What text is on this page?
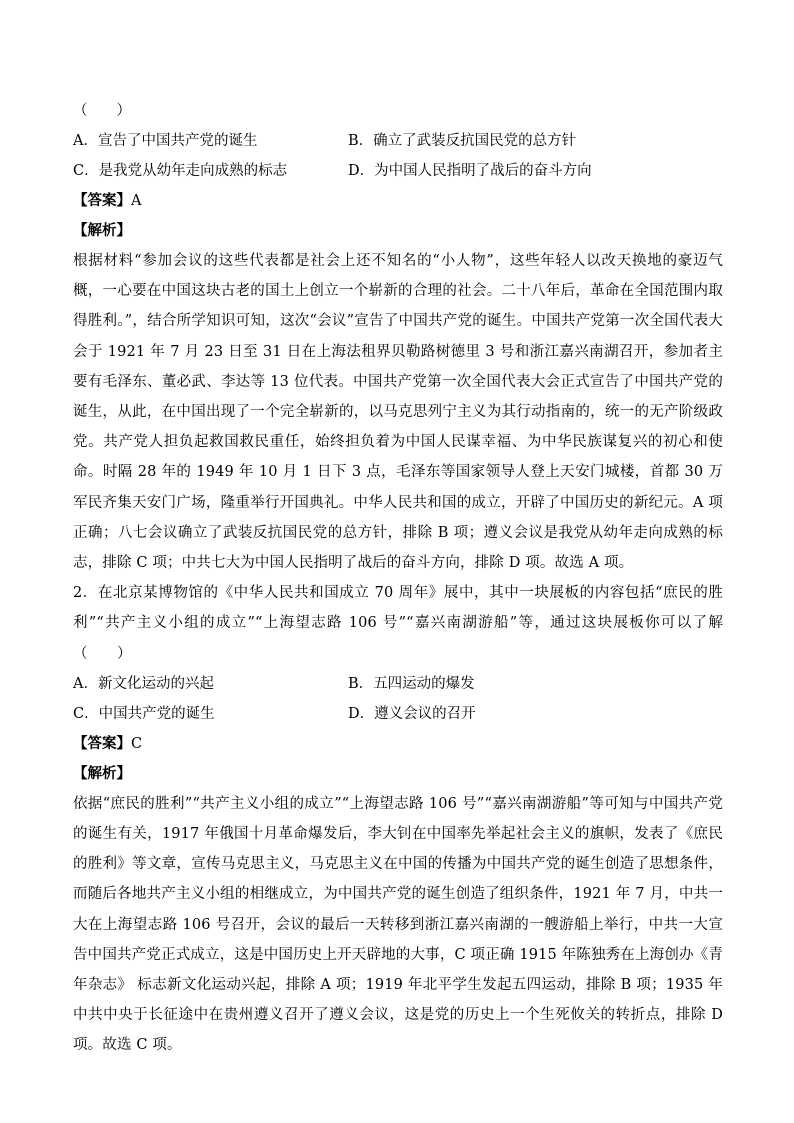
（　　）
A．宣告了中国共产党的诞生	B．确立了武装反抗国民党的总方针
C．是我党从幼年走向成熟的标志	D．为中国人民指明了战后的奋斗方向
【答案】A
【解析】
根据材料“参加会议的这些代表都是社会上还不知名的“小人物”，这些年轻人以改天换地的豪迈气概，一心要在中国这块古老的国土上创立一个崭新的合理的社会。二十八年后，革命在全国范围内取得胜利。”，结合所学知识可知，这次“会议”宣告了中国共产党的诞生。中国共产党第一次全国代表大会于 1921 年 7 月 23 日至 31 日在上海法租界贝勒路树德里 3 号和浙江嘉兴南湖召开，参加者主要有毛泽东、董必武、李达等 13 位代表。中国共产党第一次全国代表大会正式宣告了中国共产党的诞生，从此，在中国出现了一个完全崭新的，以马克思列宁主义为其行动指南的，统一的无产阶级政党。共产党人担负起救国救民重任，始终担负着为中国人民谋幸福、为中华民族谋复兴的初心和使命。时隔 28 年的 1949 年 10 月 1 日下 3 点，毛泽东等国家领导人登上天安门城楼，首都 30 万军民齐集天安门广场，隆重举行开国典礼。中华人民共和国的成立，开辟了中国历史的新纪元。A 项正确；八七会议确立了武装反抗国民党的总方针，排除 B 项；遵义会议是我党从幼年走向成熟的标志，排除 C 项；中共七大为中国人民指明了战后的奋斗方向，排除 D 项。故选 A 项。
2．在北京某博物馆的《中华人民共和国成立 70 周年》展中，其中一块展板的内容包括“庶民的胜利”“共产主义小组的成立”“上海望志路 106 号”“嘉兴南湖游船”等，通过这块展板你可以了解（　　）
A．新文化运动的兴起	B．五四运动的爆发
C．中国共产党的诞生	D．遵义会议的召开
【答案】C
【解析】
依据“庶民的胜利”“共产主义小组的成立”“上海望志路 106 号”“嘉兴南湖游船”等可知与中国共产党的诞生有关，1917 年俄国十月革命爆发后，李大钊在中国率先举起社会主义的旗帜，发表了《庶民的胜利》等文章，宣传马克思主义，马克思主义在中国的传播为中国共产党的诞生创造了思想条件，而随后各地共产主义小组的相继成立，为中国共产党的诞生创造了组织条件，1921 年 7 月，中共一大在上海望志路 106 号召开，会议的最后一天转移到浙江嘉兴南湖的一艘游船上举行，中共一大宣告中国共产党正式成立，这是中国历史上开天辟地的大事，C 项正确 1915 年陈独秀在上海创办《青年杂志》 标志新文化运动兴起，排除 A 项；1919 年北平学生发起五四运动，排除 B 项；1935 年中共中央于长征途中在贵州遵义召开了遵义会议，这是党的历史上一个生死攸关的转折点，排除 D 项。故选 C 项。
